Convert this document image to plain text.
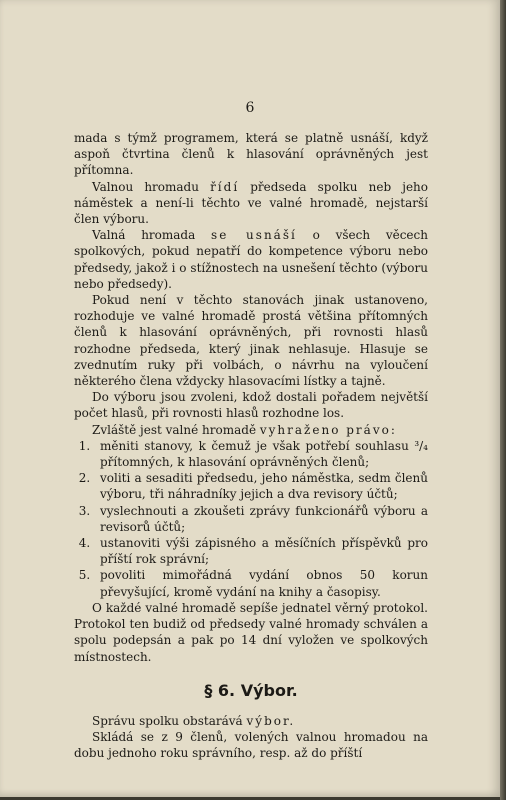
6

mada s týmž programem, která se platně usnáší, když aspoň čtvrtina členů k hlasování oprávněných jest přítomna.

Valnou hromadu řídí předseda spolku neb jeho náměstek a není-li těchto ve valné hromadě, nejstarší člen výboru.

Valná hromada se usnáší o všech věcech spolkových, pokud nepatří do kompetence výboru nebo předsedy, jakož i o stížnostech na usnešení těchto (výboru nebo předsedy).

Pokud není v těchto stanovách jinak ustanoveno, rozhoduje ve valné hromadě prostá většina přítomných členů k hlasování oprávněných, při rovnosti hlasů rozhodne předseda, který jinak nehlasuje. Hlasuje se zvednutím ruky při volbách, o návrhu na vyloučení některého člena vždycky hlasovacími lístky a tajně.

Do výboru jsou zvoleni, kdož dostali pořadem největší počet hlasů, při rovnosti hlasů rozhodne los.

Zvláště jest valné hromadě vyhraženo právo:

1. měniti stanovy, k čemuž je však potřebí souhlasu ³/₄ přítomných, k hlasování oprávněných členů;
2. voliti a sesaditi předsedu, jeho náměstka, sedm členů výboru, tři náhradníky jejich a dva revisory účtů;
3. vyslechnouti a zkoušeti zprávy funkcionářů výboru a revisorů účtů;
4. ustanoviti výši zápisného a měsíčních příspěvků pro příští rok správní;
5. povoliti mimořádná vydání obnos 50 korun převyšující, kromě vydání na knihy a časopisy.

O každé valné hromadě sepíše jednatel věrný protokol. Protokol ten budiž od předsedy valné hromady schválen a spolu podepsán a pak po 14 dní vyložen ve spolkových místnostech.

§ 6. Výbor.

Správu spolku obstarává výbor.

Skládá se z 9 členů, volených valnou hromadou na dobu jednoho roku správního, resp. až do příští
